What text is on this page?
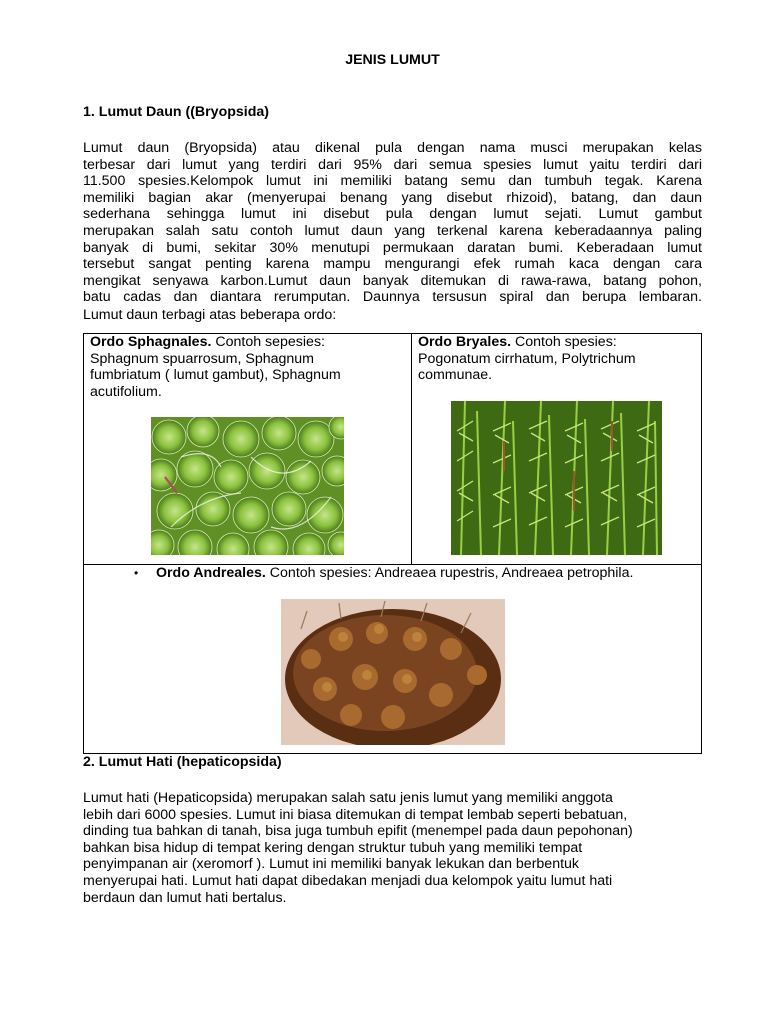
JENIS LUMUT
1. Lumut Daun ((Bryopsida)
Lumut daun (Bryopsida) atau dikenal pula dengan nama musci merupakan kelas
terbesar dari lumut yang terdiri dari 95% dari semua spesies lumut yaitu terdiri dari
11.500 spesies.Kelompok lumut ini memiliki batang semu dan tumbuh tegak. Karena
memiliki bagian akar (menyerupai benang yang disebut rhizoid), batang, dan daun
sederhana sehingga lumut ini disebut pula dengan lumut sejati. Lumut gambut
merupakan salah satu contoh lumut daun yang terkenal karena keberadaannya paling
banyak di bumi, sekitar 30% menutupi permukaan daratan bumi. Keberadaan lumut
tersebut sangat penting karena mampu mengurangi efek rumah kaca dengan cara
mengikat senyawa karbon.Lumut daun banyak ditemukan di rawa-rawa, batang pohon,
batu cadas dan diantara rerumputan. Daunnya tersusun spiral dan berupa lembaran.
Lumut daun terbagi atas beberapa ordo:
Ordo Sphagnales. Contoh sepesies:
Sphagnum spuarrosum, Sphagnum
fumbriatum ( lumut gambut), Sphagnum
acutifolium.
Ordo Bryales. Contoh spesies:
Pogonatum cirrhatum, Polytrichum
communae.
• Ordo Andreales. Contoh spesies: Andreaea rupestris, Andreaea petrophila.
2. Lumut Hati (hepaticopsida)
Lumut hati (Hepaticopsida) merupakan salah satu jenis lumut yang memiliki anggota
lebih dari 6000 spesies. Lumut ini biasa ditemukan di tempat lembab seperti bebatuan,
dinding tua bahkan di tanah, bisa juga tumbuh epifit (menempel pada daun pepohonan)
bahkan bisa hidup di tempat kering dengan struktur tubuh yang memiliki tempat
penyimpanan air (xeromorf ). Lumut ini memiliki banyak lekukan dan berbentuk
menyerupai hati. Lumut hati dapat dibedakan menjadi dua kelompok yaitu lumut hati
berdaun dan lumut hati bertalus.
